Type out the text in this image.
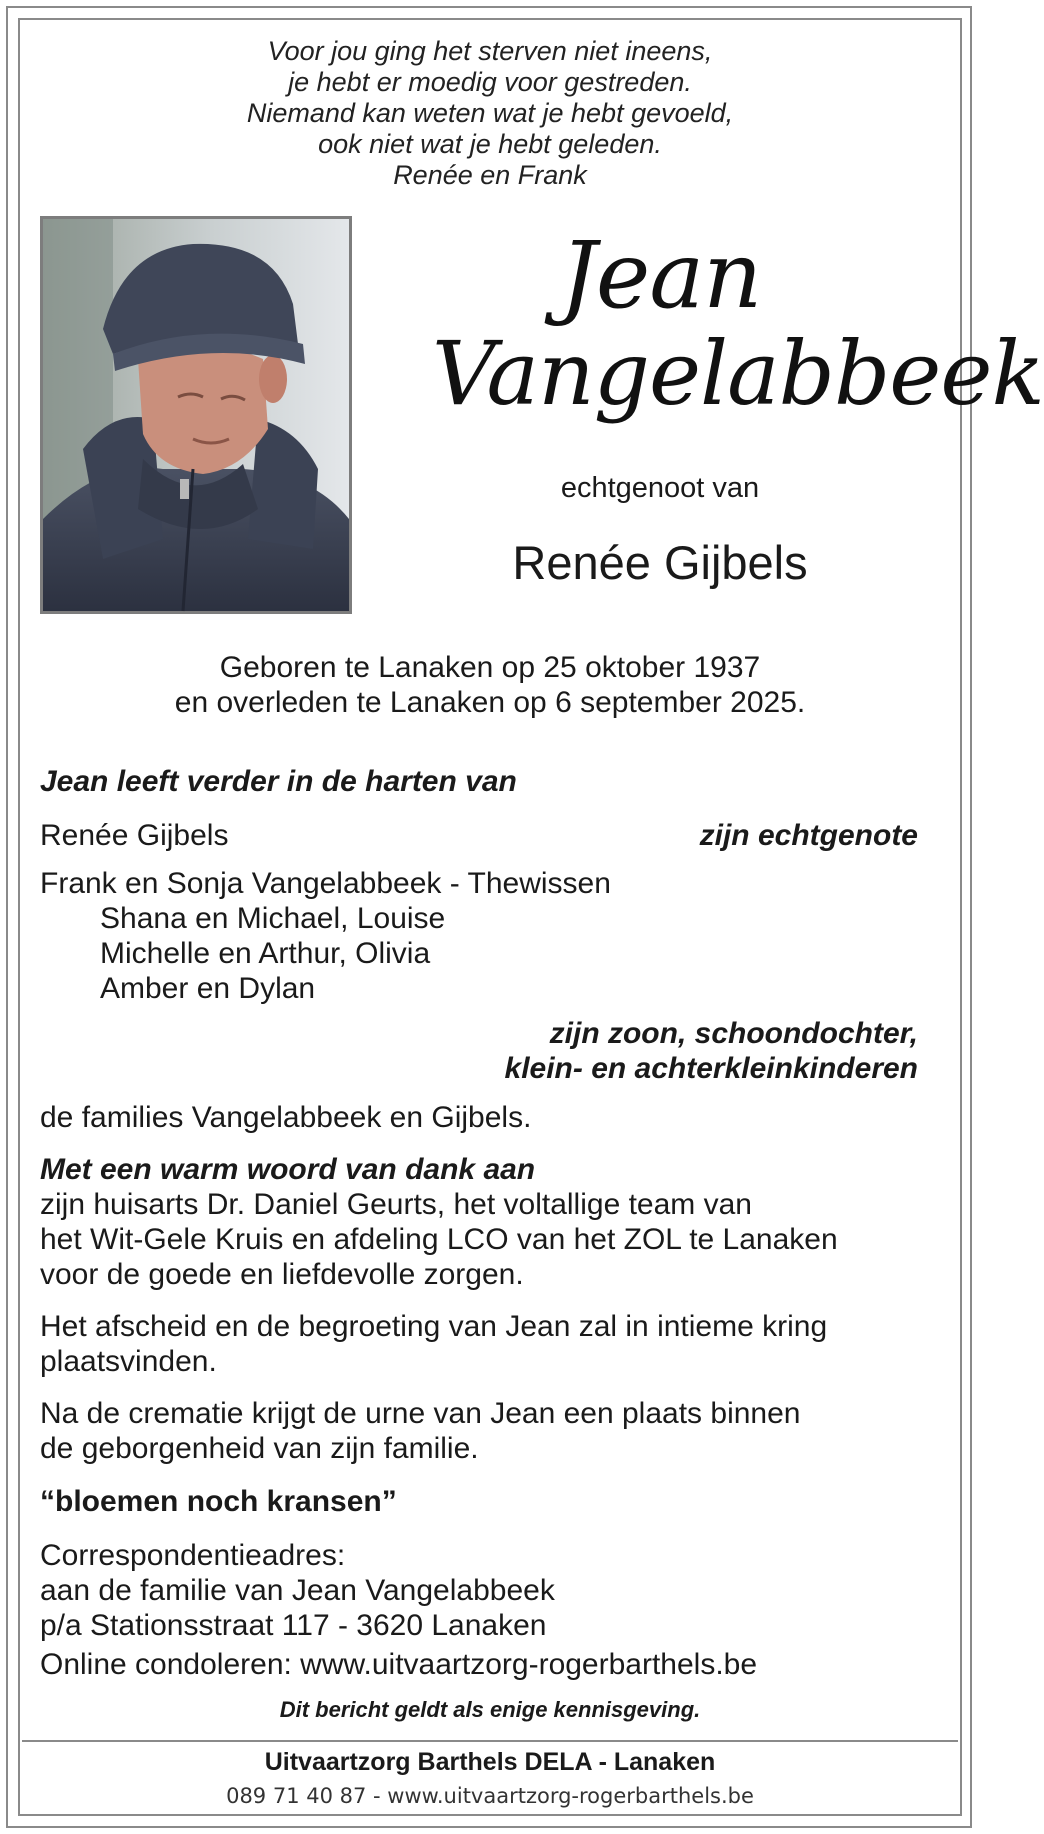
Voor jou ging het sterven niet ineens,
je hebt er moedig voor gestreden.
Niemand kan weten wat je hebt gevoeld,
ook niet wat je hebt geleden.
Renée en Frank
Jean
Vangelabbeek
echtgenoot van
Renée Gijbels
Geboren te Lanaken op 25 oktober 1937
en overleden te Lanaken op 6 september 2025.
Jean leeft verder in de harten van
Renée Gijbels	zijn echtgenote
Frank en Sonja Vangelabbeek - Thewissen
Shana en Michael, Louise
Michelle en Arthur, Olivia
Amber en Dylan
zijn zoon, schoondochter,
klein- en achterkleinkinderen
de families Vangelabbeek en Gijbels.
Met een warm woord van dank aan
zijn huisarts Dr. Daniel Geurts, het voltallige team van
het Wit-Gele Kruis en afdeling LCO van het ZOL te Lanaken
voor de goede en liefdevolle zorgen.
Het afscheid en de begroeting van Jean zal in intieme kring
plaatsvinden.
Na de crematie krijgt de urne van Jean een plaats binnen
de geborgenheid van zijn familie.
“bloemen noch kransen”
Correspondentieadres:
aan de familie van Jean Vangelabbeek
p/a Stationsstraat 117 - 3620 Lanaken
Online condoleren: www.uitvaartzorg-rogerbarthels.be
Dit bericht geldt als enige kennisgeving.
Uitvaartzorg Barthels DELA - Lanaken
089 71 40 87 - www.uitvaartzorg-rogerbarthels.be
